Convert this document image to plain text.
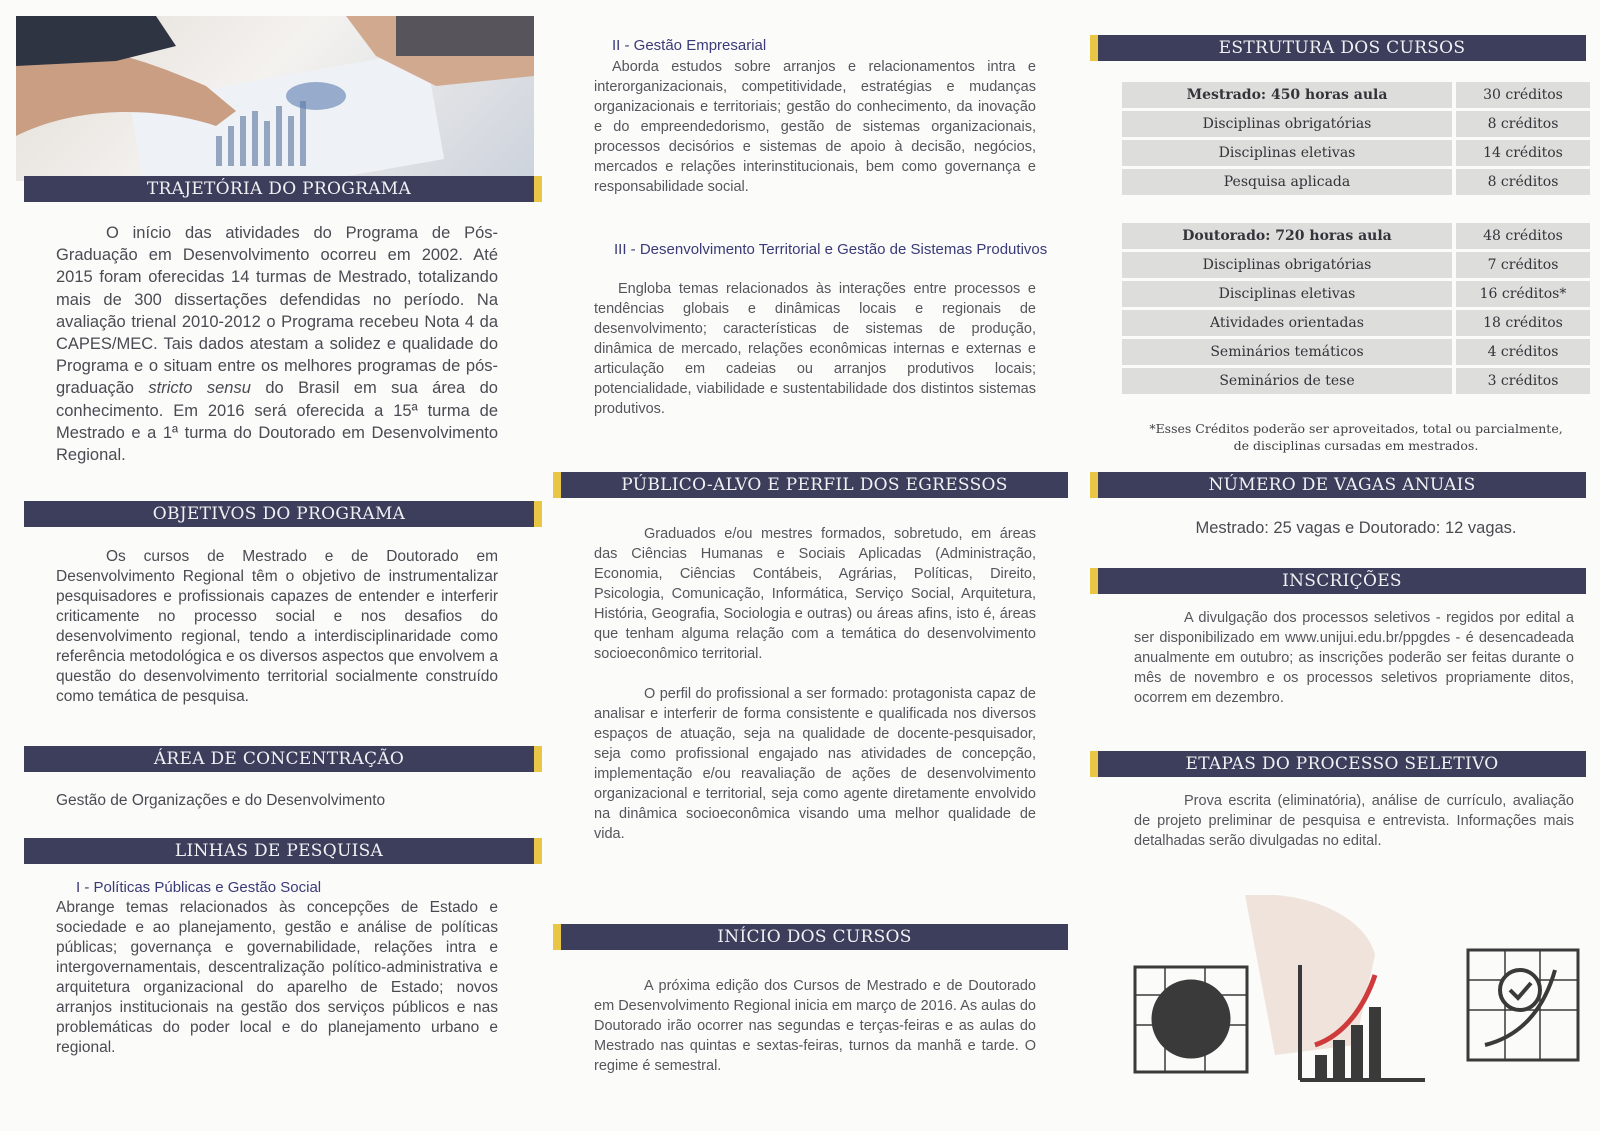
TRAJETÓRIA DO PROGRAMA

O início das atividades do Programa de Pós-Graduação em Desenvolvimento ocorreu em 2002. Até 2015 foram oferecidas 14 turmas de Mestrado, totalizando mais de 300 dissertações defendidas no período. Na avaliação trienal 2010-2012 o Programa recebeu Nota 4 da CAPES/MEC. Tais dados atestam a solidez e qualidade do Programa e o situam entre os melhores programas de pós-graduação stricto sensu do Brasil em sua área do conhecimento. Em 2016 será oferecida a 15ª turma de Mestrado e a 1ª turma do Doutorado em Desenvolvimento Regional.

OBJETIVOS DO PROGRAMA

Os cursos de Mestrado e de Doutorado em Desenvolvimento Regional têm o objetivo de instrumentalizar pesquisadores e profissionais capazes de entender e interferir criticamente no processo social e nos desafios do desenvolvimento regional, tendo a interdisciplinaridade como referência metodológica e os diversos aspectos que envolvem a questão do desenvolvimento territorial socialmente construído como temática de pesquisa.

ÁREA DE CONCENTRAÇÃO
Gestão de Organizações e do Desenvolvimento
LINHAS DE PESQUISA
I - Políticas Públicas e Gestão Social
Abrange temas relacionados às concepções de Estado e sociedade e ao planejamento, gestão e análise de políticas públicas; governança e governabilidade, relações intra e intergovernamentais, descentralização político-administrativa e arquitetura organizacional do aparelho de Estado; novos arranjos institucionais na gestão dos serviços públicos e nas problemáticas do poder local e do planejamento urbano e regional.
II - Gestão Empresarial

Aborda estudos sobre arranjos e relacionamentos intra e interorganizacionais, competitividade, estratégias e mudanças organizacionais e territoriais; gestão do conhecimento, da inovação e do empreendedorismo, gestão de sistemas organizacionais, processos decisórios e sistemas de apoio à decisão, negócios, mercados e relações interinstitucionais, bem como governança e responsabilidade social.

III - Desenvolvimento Territorial e Gestão de Sistemas Produtivos

Engloba temas relacionados às interações entre processos e tendências globais e dinâmicas locais e regionais de desenvolvimento; características de sistemas de produção, dinâmica de mercado, relações econômicas internas e externas e articulação em cadeias ou arranjos produtivos locais; potencialidade, viabilidade e sustentabilidade dos distintos sistemas produtivos.

PÚBLICO-ALVO E PERFIL DOS EGRESSOS

Graduados e/ou mestres formados, sobretudo, em áreas das Ciências Humanas e Sociais Aplicadas (Administração, Economia, Ciências Contábeis, Agrárias, Políticas, Direito, Psicologia, Comunicação, Informática, Serviço Social, Arquitetura, História, Geografia, Sociologia e outras) ou áreas afins, isto é, áreas que tenham alguma relação com a temática do desenvolvimento socioeconômico territorial.

O perfil do profissional a ser formado: protagonista capaz de analisar e interferir de forma consistente e qualificada nos diversos espaços de atuação, seja na qualidade de docente-pesquisador, seja como profissional engajado nas atividades de concepção, implementação e/ou reavaliação de ações de desenvolvimento organizacional e territorial, seja como agente diretamente envolvido na dinâmica socioeconômica visando uma melhor qualidade de vida.

INÍCIO DOS CURSOS

A próxima edição dos Cursos de Mestrado e de Doutorado em Desenvolvimento Regional inicia em março de 2016. As aulas do Doutorado irão ocorrer nas segundas e terças-feiras e as aulas do Mestrado nas quintas e sextas-feiras, turnos da manhã e tarde. O regime é semestral.

ESTRUTURA DOS CURSOS
Mestrado: 450 horas aula	30 créditos
Disciplinas obrigatórias	8 créditos
Disciplinas eletivas	14 créditos
Pesquisa aplicada	8 créditos
Doutorado: 720 horas aula	48 créditos
Disciplinas obrigatórias	7 créditos
Disciplinas eletivas	16 créditos*
Atividades orientadas	18 créditos
Seminários temáticos	4 créditos
Seminários de tese	3 créditos
*Esses Créditos poderão ser aproveitados, total ou parcialmente,
de disciplinas cursadas em mestrados.
NÚMERO DE VAGAS ANUAIS
Mestrado: 25 vagas e Doutorado: 12 vagas.
INSCRIÇÕES

A divulgação dos processos seletivos - regidos por edital a ser disponibilizado em www.unijui.edu.br/ppgdes - é desencadeada anualmente em outubro; as inscrições poderão ser feitas durante o mês de novembro e os processos seletivos propriamente ditos, ocorrem em dezembro.

ETAPAS DO PROCESSO SELETIVO

Prova escrita (eliminatória), análise de currículo, avaliação de projeto preliminar de pesquisa e entrevista. Informações mais detalhadas serão divulgadas no edital.
